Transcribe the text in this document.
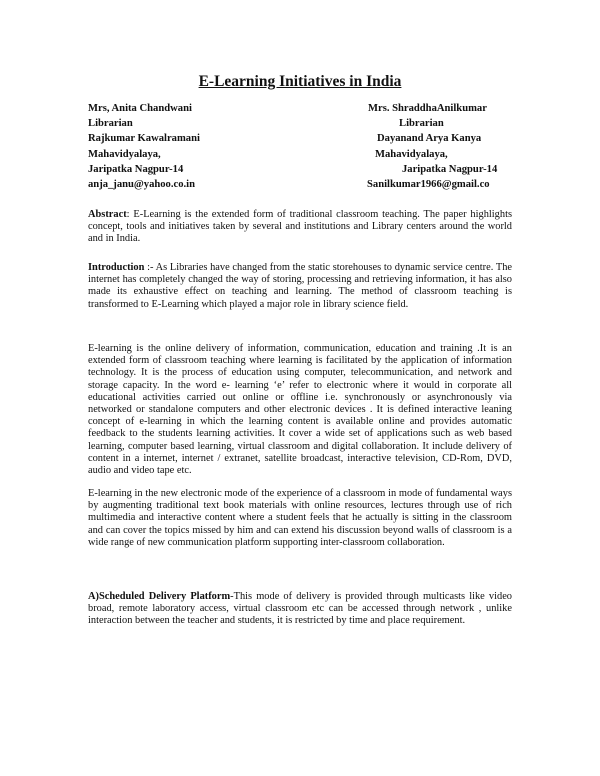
E-Learning Initiatives in India
Mrs, Anita Chandwani
Librarian
Rajkumar Kawalramani
Mahavidyalaya,
Jaripatka Nagpur-14
anja_janu@yahoo.co.in
Mrs. ShraddhaAnilkumar
Librarian
Dayanand Arya Kanya
Mahavidyalaya,
Jaripatka Nagpur-14
Sanilkumar1966@gmail.co

Abstract: E-Learning is the extended form of traditional classroom teaching. The paper highlights concept, tools and initiatives taken by several and institutions and Library centers around the world and in India.

Introduction :- As Libraries have changed from the static storehouses to dynamic service centre. The internet has completely changed the way of storing, processing and retrieving information, it has also made its exhaustive effect on teaching and learning. The method of classroom teaching is transformed to E-Learning which played a major role in library science field.

E-learning is the online delivery of information, communication, education and training .It is an extended form of classroom teaching where learning is facilitated by the application of information technology. It is the process of education using computer, telecommunication, and network and storage capacity. In the word e- learning ‘e’ refer to electronic where it would in corporate all educational activities carried out online or offline i.e. synchronously or asynchronously via networked or standalone computers and other electronic devices . It is defined interactive leaning concept of e-learning in which the learning content is available online and provides automatic feedback to the students learning activities. It cover a wide set of applications such as web based learning, computer based learning, virtual classroom and digital collaboration. It include delivery of content in a internet, internet / extranet, satellite broadcast, interactive television, CD-Rom, DVD, audio and video tape etc.

E-learning in the new electronic mode of the experience of a classroom in mode of fundamental ways by augmenting traditional text book materials with online resources, lectures through use of rich multimedia and interactive content where a student feels that he actually is sitting in the classroom and can cover the topics missed by him and can extend his discussion beyond walls of classroom is a wide range of new communication platform supporting inter-classroom collaboration.

A)Scheduled Delivery Platform-This mode of delivery is provided through multicasts like video broad, remote laboratory access, virtual classroom etc can be accessed through network , unlike interaction between the teacher and students, it is restricted by time and place requirement.
